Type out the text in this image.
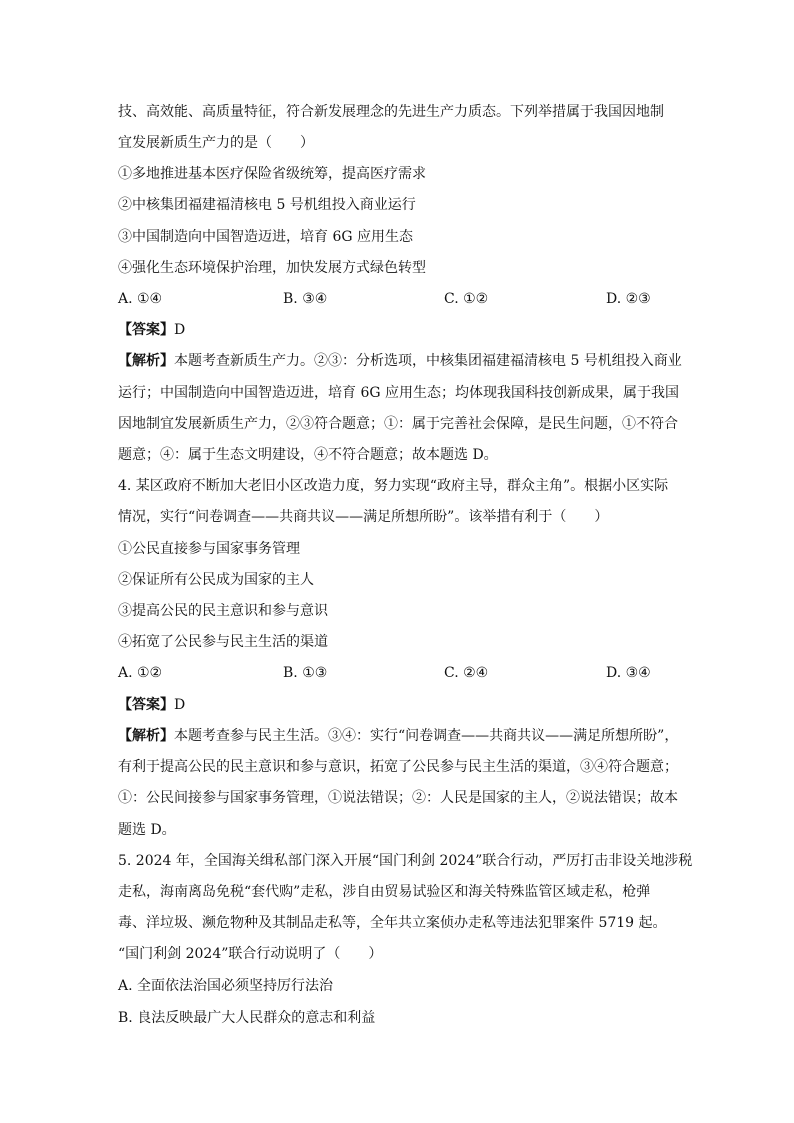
技、高效能、高质量特征，符合新发展理念的先进生产力质态。下列举措属于我国因地制
宜发展新质生产力的是（　　）
①多地推进基本医疗保险省级统筹，提高医疗需求
②中核集团福建福清核电 5 号机组投入商业运行
③中国制造向中国智造迈进，培育 6G 应用生态
④强化生态环境保护治理，加快发展方式绿色转型
A. ①④	B. ③④	C. ①②	D. ②③
【答案】D
【解析】本题考查新质生产力。②③：分析选项，中核集团福建福清核电 5 号机组投入商业
运行；中国制造向中国智造迈进，培育 6G 应用生态；均体现我国科技创新成果，属于我国
因地制宜发展新质生产力，②③符合题意；①：属于完善社会保障，是民生问题，①不符合
题意；④：属于生态文明建设，④不符合题意；故本题选 D。
4. 某区政府不断加大老旧小区改造力度，努力实现“政府主导，群众主角”。根据小区实际
情况，实行“问卷调查——共商共议——满足所想所盼”。该举措有利于（　　）
①公民直接参与国家事务管理
②保证所有公民成为国家的主人
③提高公民的民主意识和参与意识
④拓宽了公民参与民主生活的渠道
A. ①②	B. ①③	C. ②④	D. ③④
【答案】D
【解析】本题考查参与民主生活。③④：实行“问卷调查——共商共议——满足所想所盼”，
有利于提高公民的民主意识和参与意识，拓宽了公民参与民主生活的渠道，③④符合题意；
①：公民间接参与国家事务管理，①说法错误；②：人民是国家的主人，②说法错误；故本
题选 D。
5. 2024 年，全国海关缉私部门深入开展“国门利剑 2024”联合行动，严厉打击非设关地涉税
走私，海南离岛免税“套代购”走私，涉自由贸易试验区和海关特殊监管区域走私，枪弹
毒、洋垃圾、濒危物种及其制品走私等，全年共立案侦办走私等违法犯罪案件 5719 起。
“国门利剑 2024”联合行动说明了（　　）
A. 全面依法治国必须坚持厉行法治
B. 良法反映最广大人民群众的意志和利益
